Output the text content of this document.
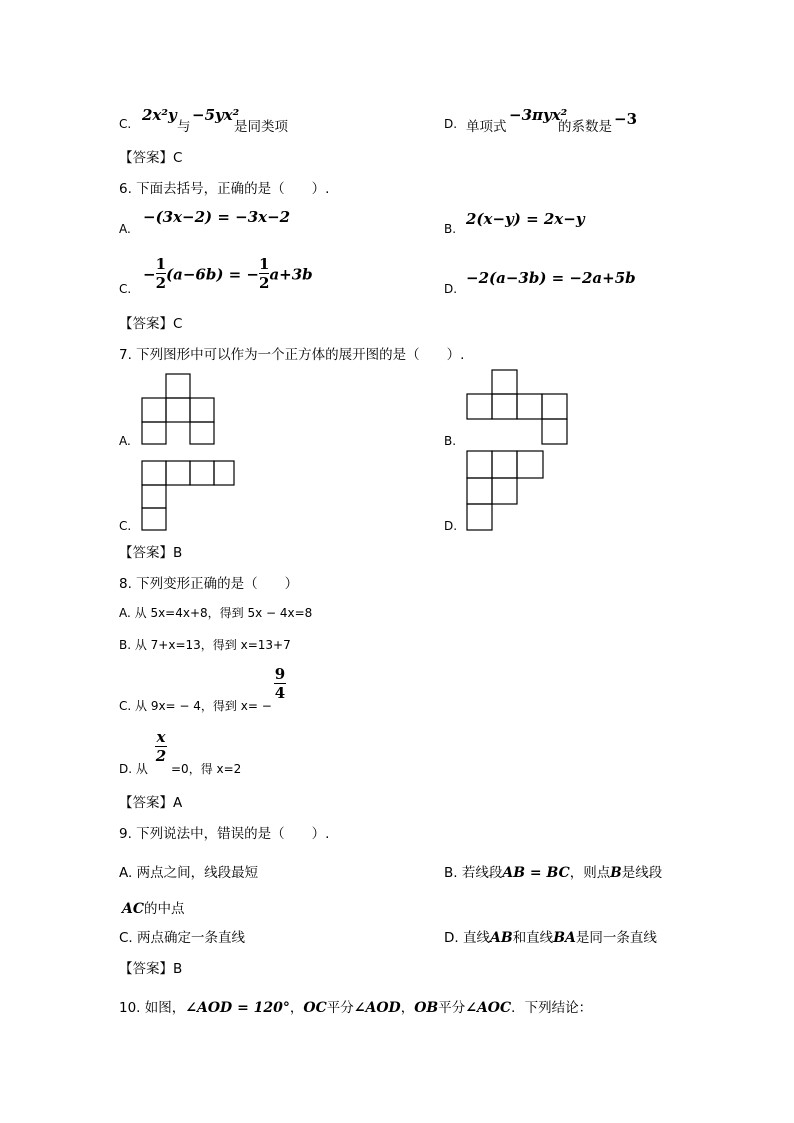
C. 2x²y
与
−5yx²
是同类项	D. 单项式
−3πyx²
的系数是 −3
【答案】C
6. 下面去括号，正确的是（　　）.
A.
−(3x−2) = −3x−2
B.
2(x−y) = 2x−y
C.
− $\frac{1}{2} (a-6b)$ = − $\frac{1}{2} a+3b$
D.
−2(a−3b) = −2a+5b
【答案】C
7. 下列图形中可以作为一个正方体的展开图的是（　　）.
A.	B.
C.	D.
【答案】B
8. 下列变形正确的是（　　）
A. 从 5x=4x+8，得到 5x − 4x=8
B. 从 7+x=13，得到 x=13+7
C. 从 9x= − 4，得到 x= −
$\frac{9}{4}$
D. 从
$\frac{x}{2}$
=0，得 x=2
【答案】A
9. 下列说法中，错误的是（　　）.
A. 两点之间，线段最短	B. 若线段AB = BC，则点B是线段
AC的中点
C. 两点确定一条直线	D. 直线AB和直线BA是同一条直线
【答案】B
10. 如图，∠AOD = 120°，OC平分∠AOD，OB平分∠AOC．下列结论：
